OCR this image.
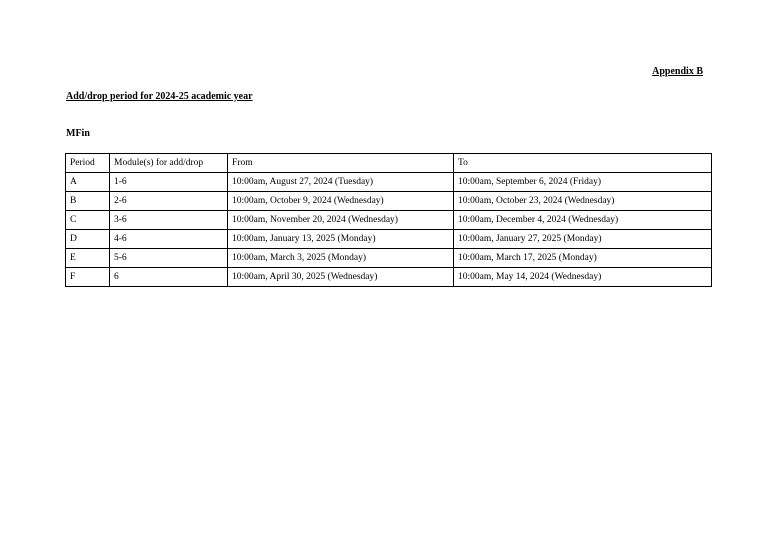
Appendix B
Add/drop period for 2024-25 academic year
MFin
Period	Module(s) for add/drop	From	To
A	1-6	10:00am, August 27, 2024 (Tuesday)	10:00am, September 6, 2024 (Friday)
B	2-6	10:00am, October 9, 2024 (Wednesday)	10:00am, October 23, 2024 (Wednesday)
C	3-6	10:00am, November 20, 2024 (Wednesday)	10:00am, December 4, 2024 (Wednesday)
D	4-6	10:00am, January 13, 2025 (Monday)	10:00am, January 27, 2025 (Monday)
E	5-6	10:00am, March 3, 2025 (Monday)	10:00am, March 17, 2025 (Monday)
F	6	10:00am, April 30, 2025 (Wednesday)	10:00am, May 14, 2024 (Wednesday)
